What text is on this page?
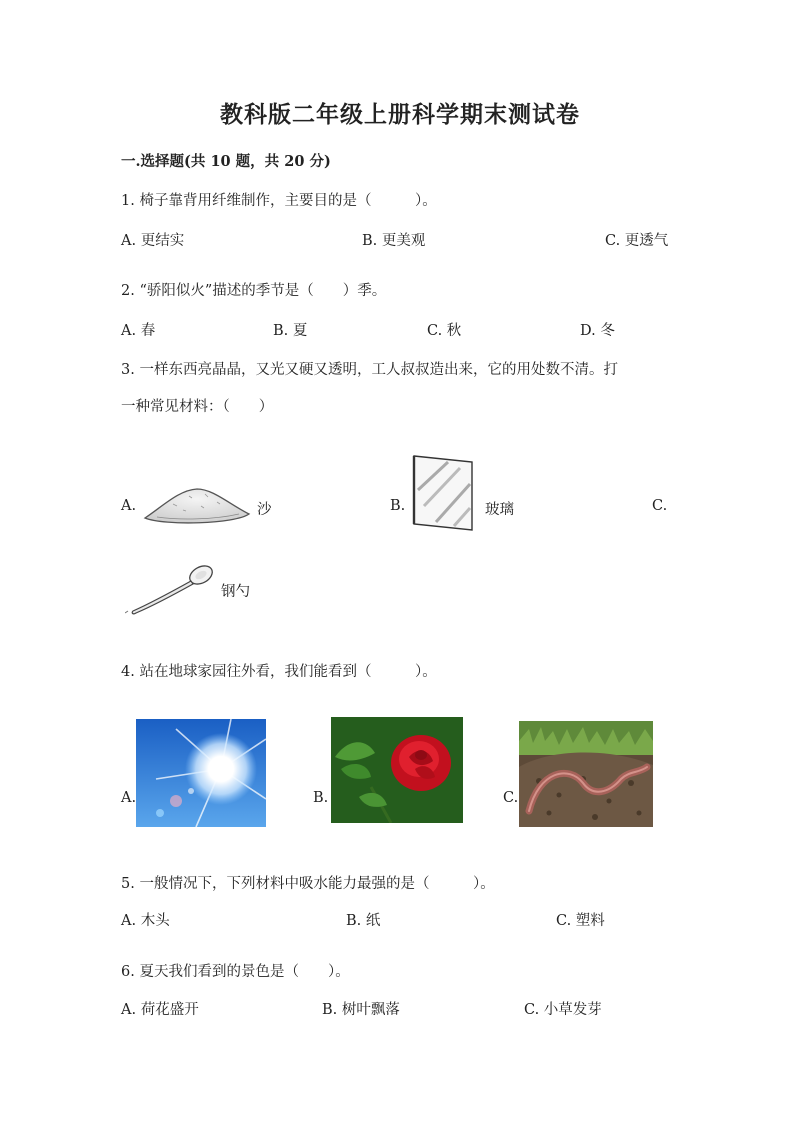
教科版二年级上册科学期末测试卷
一.选择题(共 10 题，共 20 分)
1. 椅子靠背用纤维制作，主要目的是（　　　）。
A. 更结实	B. 更美观	C. 更透气
2. “骄阳似火”描述的季节是（　　）季。
A. 春	B. 夏	C. 秋	D. 冬
3. 一样东西亮晶晶，又光又硬又透明，工人叔叔造出来，它的用处数不清。打
一种常见材料：（　　）
A.	沙	B.	玻璃	C.
钢勺
4. 站在地球家园往外看，我们能看到（　　　）。
A.	B.	C.
5. 一般情况下，下列材料中吸水能力最强的是（　　　）。
A. 木头	B. 纸	C. 塑料
6. 夏天我们看到的景色是（　　）。
A. 荷花盛开	B. 树叶飘落	C. 小草发芽
